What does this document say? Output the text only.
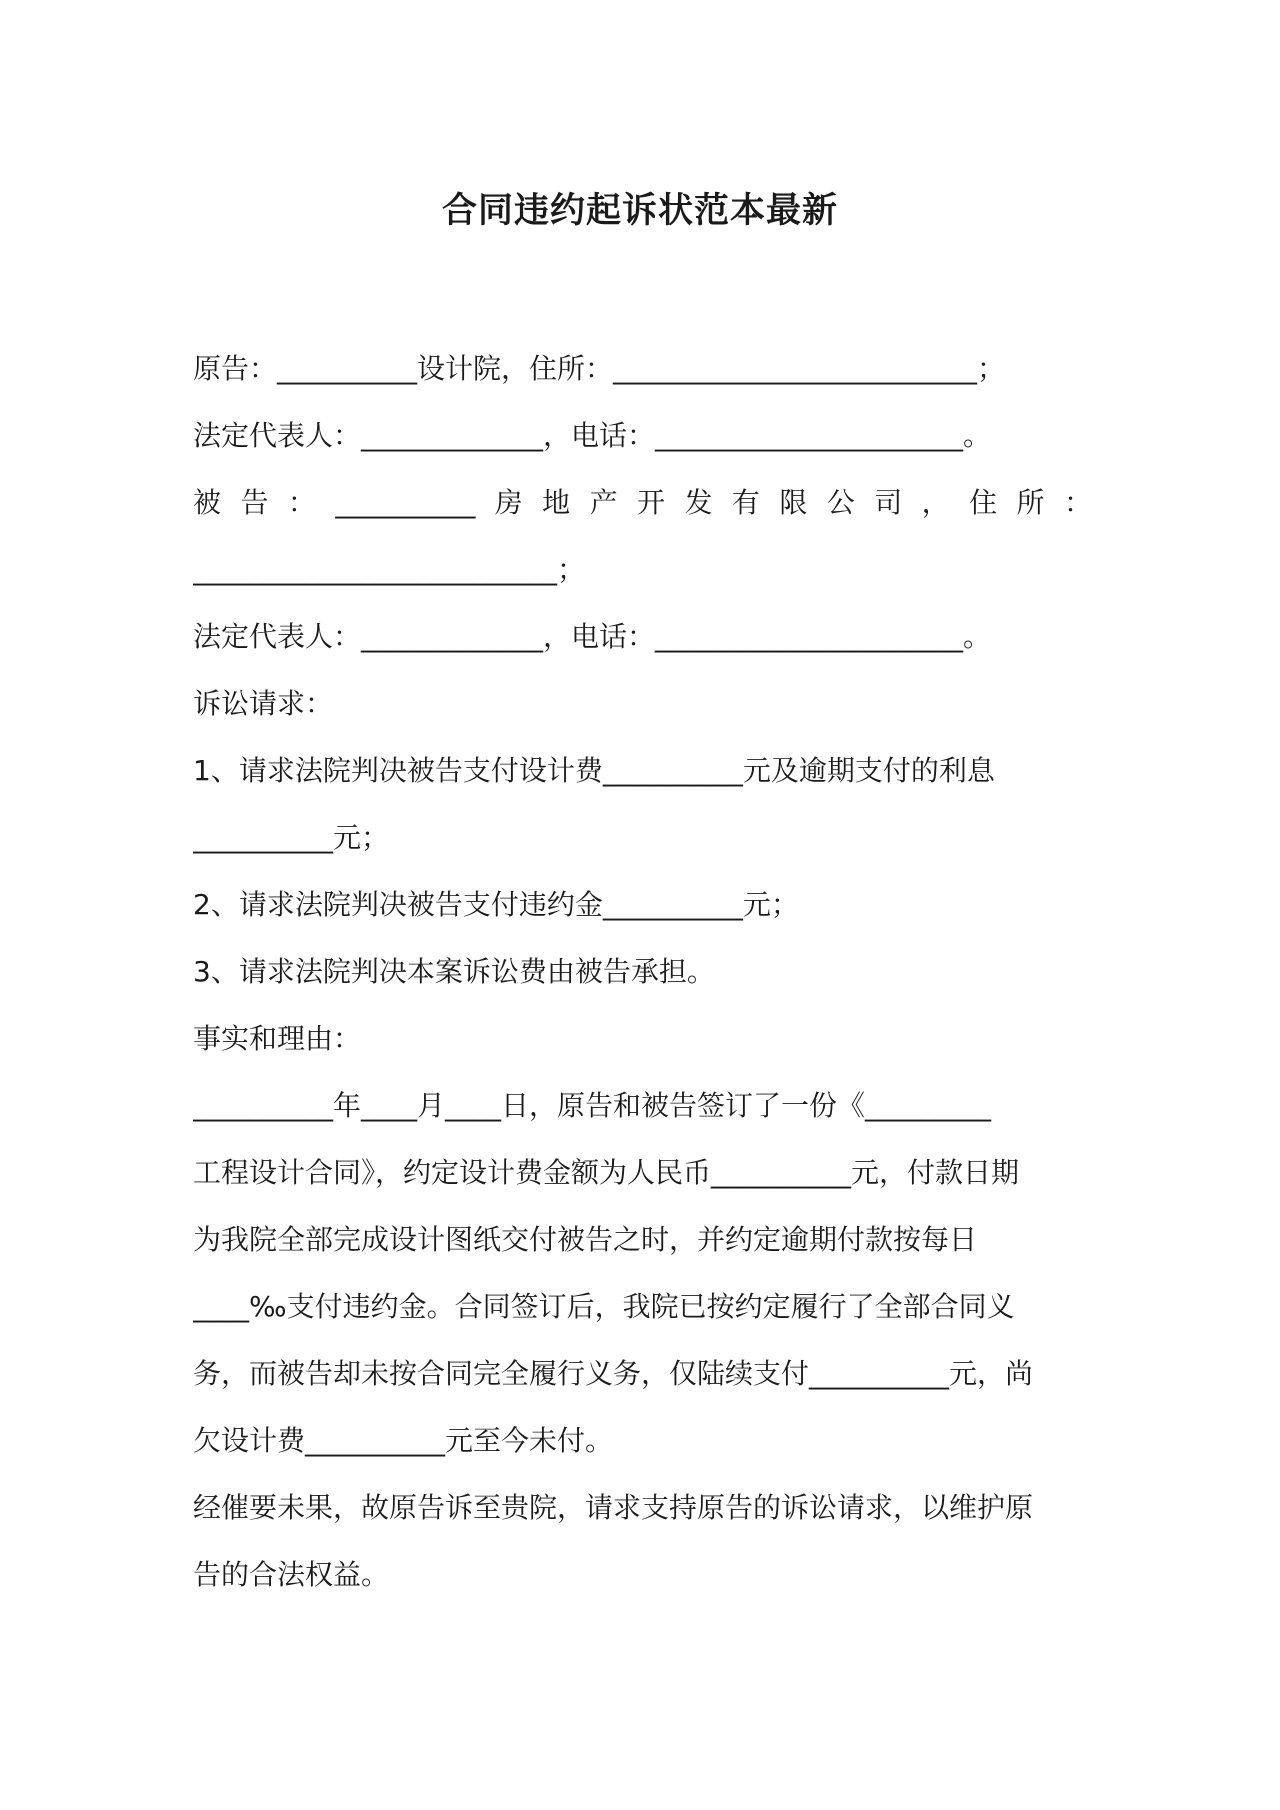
合同违约起诉状范本最新
原告：__________设计院，住所：__________________________；
法定代表人：_____________，电话：______________________。
被 告 ： __________ 房 地 产 开 发 有 限 公 司 ， 住 所 ：
__________________________；
法定代表人：_____________，电话：______________________。
诉讼请求：
1、请求法院判决被告支付设计费__________元及逾期支付的利息
__________元；
2、请求法院判决被告支付违约金__________元；
3、请求法院判决本案诉讼费由被告承担。
事实和理由：
__________年____月____日，原告和被告签订了一份《_________
工程设计合同》，约定设计费金额为人民币__________元，付款日期
为我院全部完成设计图纸交付被告之时，并约定逾期付款按每日
____‰支付违约金。合同签订后，我院已按约定履行了全部合同义
务，而被告却未按合同完全履行义务，仅陆续支付__________元，尚
欠设计费__________元至今未付。
经催要未果，故原告诉至贵院，请求支持原告的诉讼请求，以维护原
告的合法权益。
